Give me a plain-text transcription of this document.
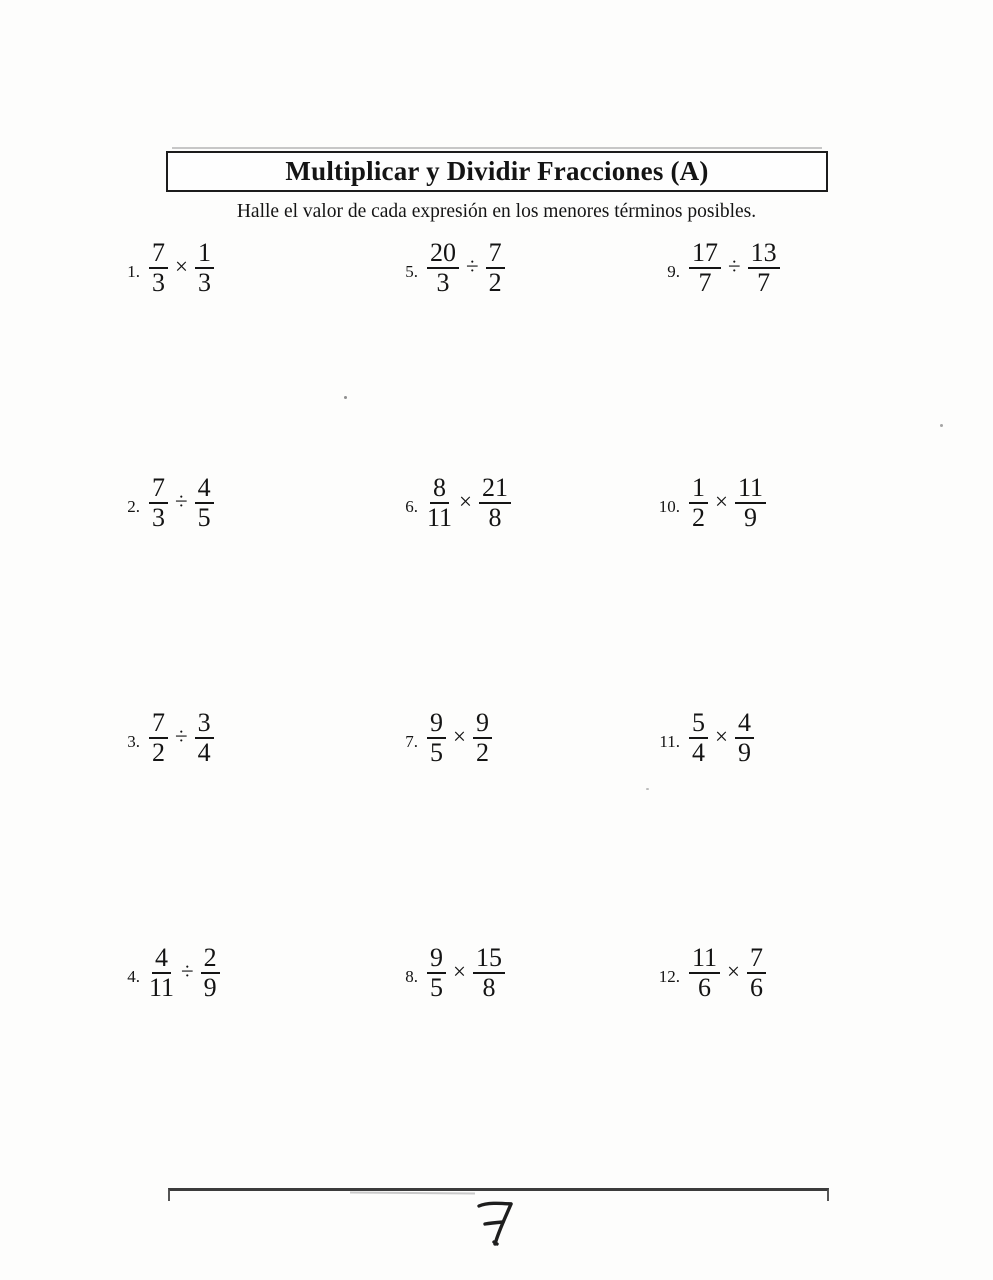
Multiplicar y Dividir Fracciones (A)
Halle el valor de cada expresión en los menores términos posibles.
1. $\frac{7}{3} \times \frac{1}{3}$
2. $\frac{7}{3} \div \frac{4}{5}$
3. $\frac{7}{2} \div \frac{3}{4}$
4. $\frac{4}{11} \div \frac{2}{9}$
5. $\frac{20}{3} \div \frac{7}{2}$
6. $\frac{8}{11} \times \frac{21}{8}$
7. $\frac{9}{5} \times \frac{9}{2}$
8. $\frac{9}{5} \times \frac{15}{8}$
9. $\frac{17}{7} \div \frac{13}{7}$
10. $\frac{1}{2} \times \frac{11}{9}$
11. $\frac{5}{4} \times \frac{4}{9}$
12. $\frac{11}{6} \times \frac{7}{6}$
